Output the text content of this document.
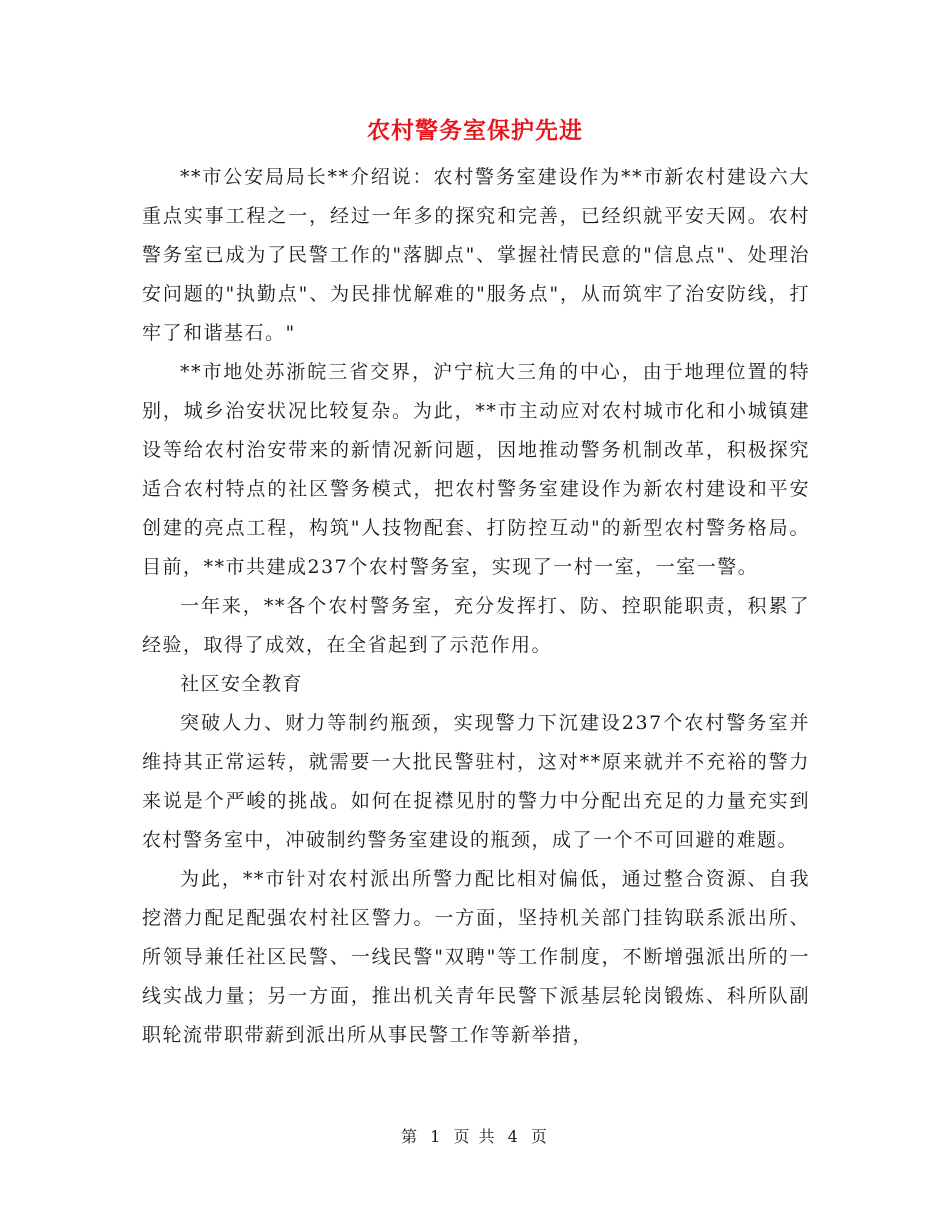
农村警务室保护先进

**市公安局局长**介绍说：农村警务室建设作为**市新农村建设六大重点实事工程之一，经过一年多的探究和完善，已经织就平安天网。农村警务室已成为了民警工作的"落脚点"、掌握社情民意的"信息点"、处理治安问题的"执勤点"、为民排忧解难的"服务点"，从而筑牢了治安防线，打牢了和谐基石。"

**市地处苏浙皖三省交界，沪宁杭大三角的中心，由于地理位置的特别，城乡治安状况比较复杂。为此，**市主动应对农村城市化和小城镇建设等给农村治安带来的新情况新问题，因地推动警务机制改革，积极探究适合农村特点的社区警务模式，把农村警务室建设作为新农村建设和平安创建的亮点工程，构筑"人技物配套、打防控互动"的新型农村警务格局。目前，**市共建成237个农村警务室，实现了一村一室，一室一警。

一年来，**各个农村警务室，充分发挥打、防、控职能职责，积累了经验，取得了成效，在全省起到了示范作用。

社区安全教育

突破人力、财力等制约瓶颈，实现警力下沉建设237个农村警务室并维持其正常运转，就需要一大批民警驻村，这对**原来就并不充裕的警力来说是个严峻的挑战。如何在捉襟见肘的警力中分配出充足的力量充实到农村警务室中，冲破制约警务室建设的瓶颈，成了一个不可回避的难题。

为此，**市针对农村派出所警力配比相对偏低，通过整合资源、自我挖潜力配足配强农村社区警力。一方面，坚持机关部门挂钩联系派出所、所领导兼任社区民警、一线民警"双聘"等工作制度，不断增强派出所的一线实战力量；另一方面，推出机关青年民警下派基层轮岗锻炼、科所队副职轮流带职带薪到派出所从事民警工作等新举措，

第 1 页 共 4 页
